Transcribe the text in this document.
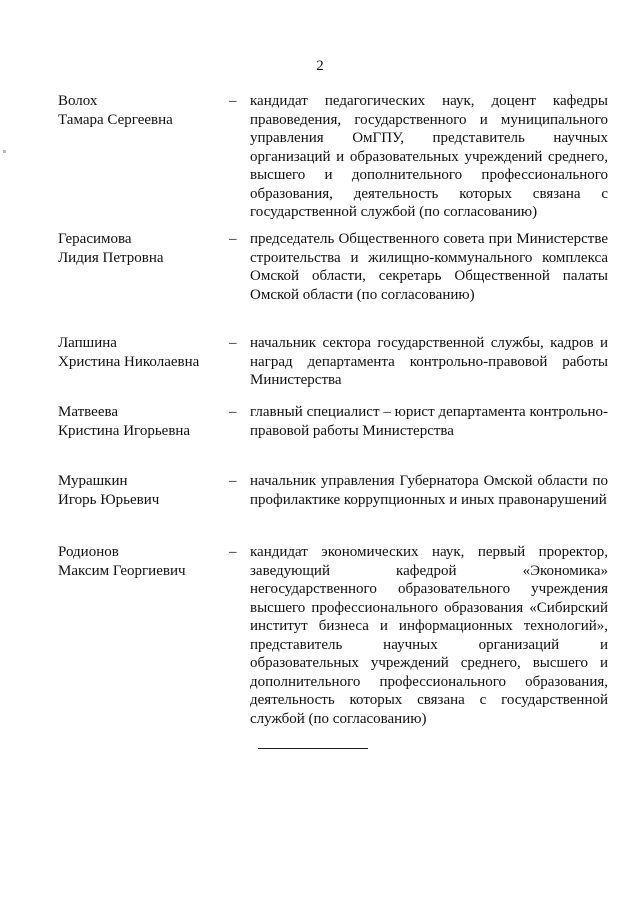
2
Волох
Тамара Сергеевна
– кандидат педагогических наук, доцент кафедры правоведения, государственного и муниципального управления ОмГПУ, представитель научных организаций и образовательных учреждений среднего, высшего и дополнительного профессионального образования, деятельность которых связана с государственной службой (по согласованию)
Герасимова
Лидия Петровна
– председатель Общественного совета при Министерстве строительства и жилищно-коммунального комплекса Омской области, секретарь Общественной палаты Омской области (по согласованию)
Лапшина
Христина Николаевна
– начальник сектора государственной службы, кадров и наград департамента контрольно-правовой работы Министерства
Матвеева
Кристина Игорьевна
– главный специалист – юрист департамента контрольно-правовой работы Министерства
Мурашкин
Игорь Юрьевич
– начальник управления Губернатора Омской области по профилактике коррупционных и иных правонарушений
Родионов
Максим Георгиевич
– кандидат экономических наук, первый проректор, заведующий кафедрой «Экономика» негосударственного образовательного учреждения высшего профессионального образования «Сибирский институт бизнеса и информационных технологий», представитель научных организаций и образовательных учреждений среднего, высшего и дополнительного профессионального образования, деятельность которых связана с государственной службой (по согласованию)
